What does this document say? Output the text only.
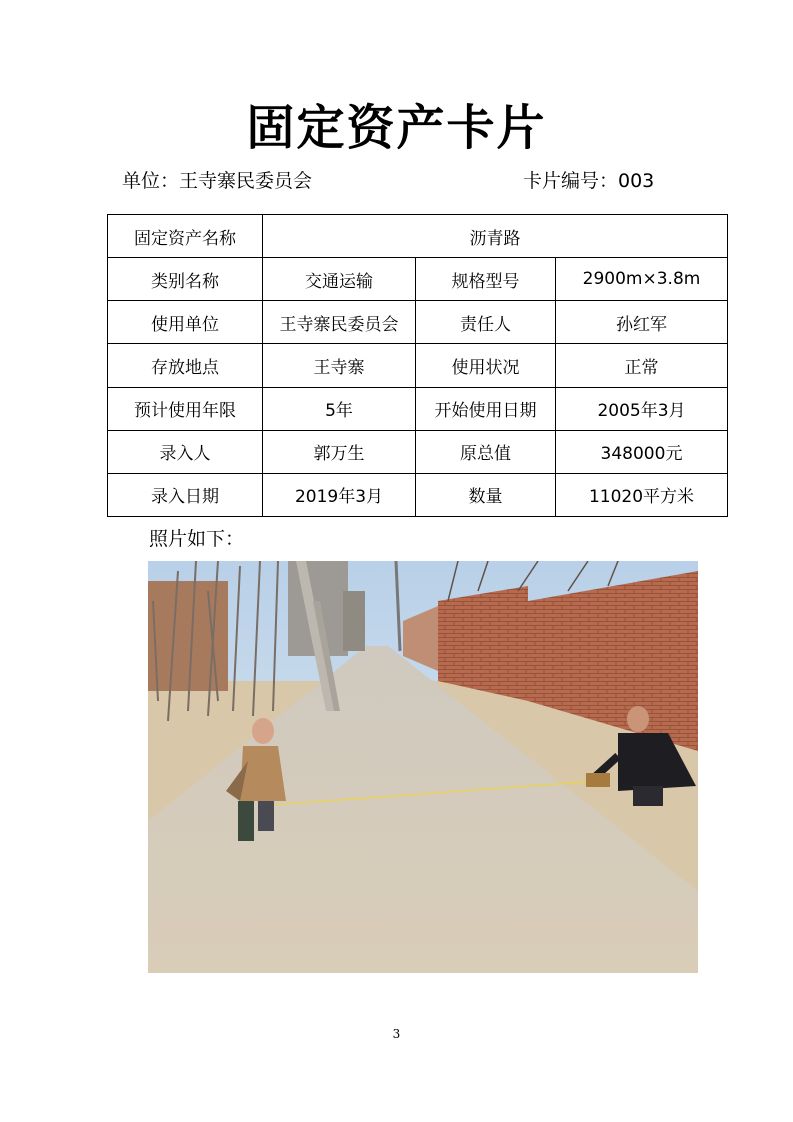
固定资产卡片
单位：王寺寨民委员会	卡片编号：003
固定资产名称	沥青路		
类别名称	交通运输	规格型号	2900m×3.8m
使用单位	王寺寨民委员会	责任人	孙红军
存放地点	王寺寨	使用状况	正常
预计使用年限	5年	开始使用日期	2005年3月
录入人	郭万生	原总值	348000元
录入日期	2019年3月	数量	11020平方米
照片如下：
3
